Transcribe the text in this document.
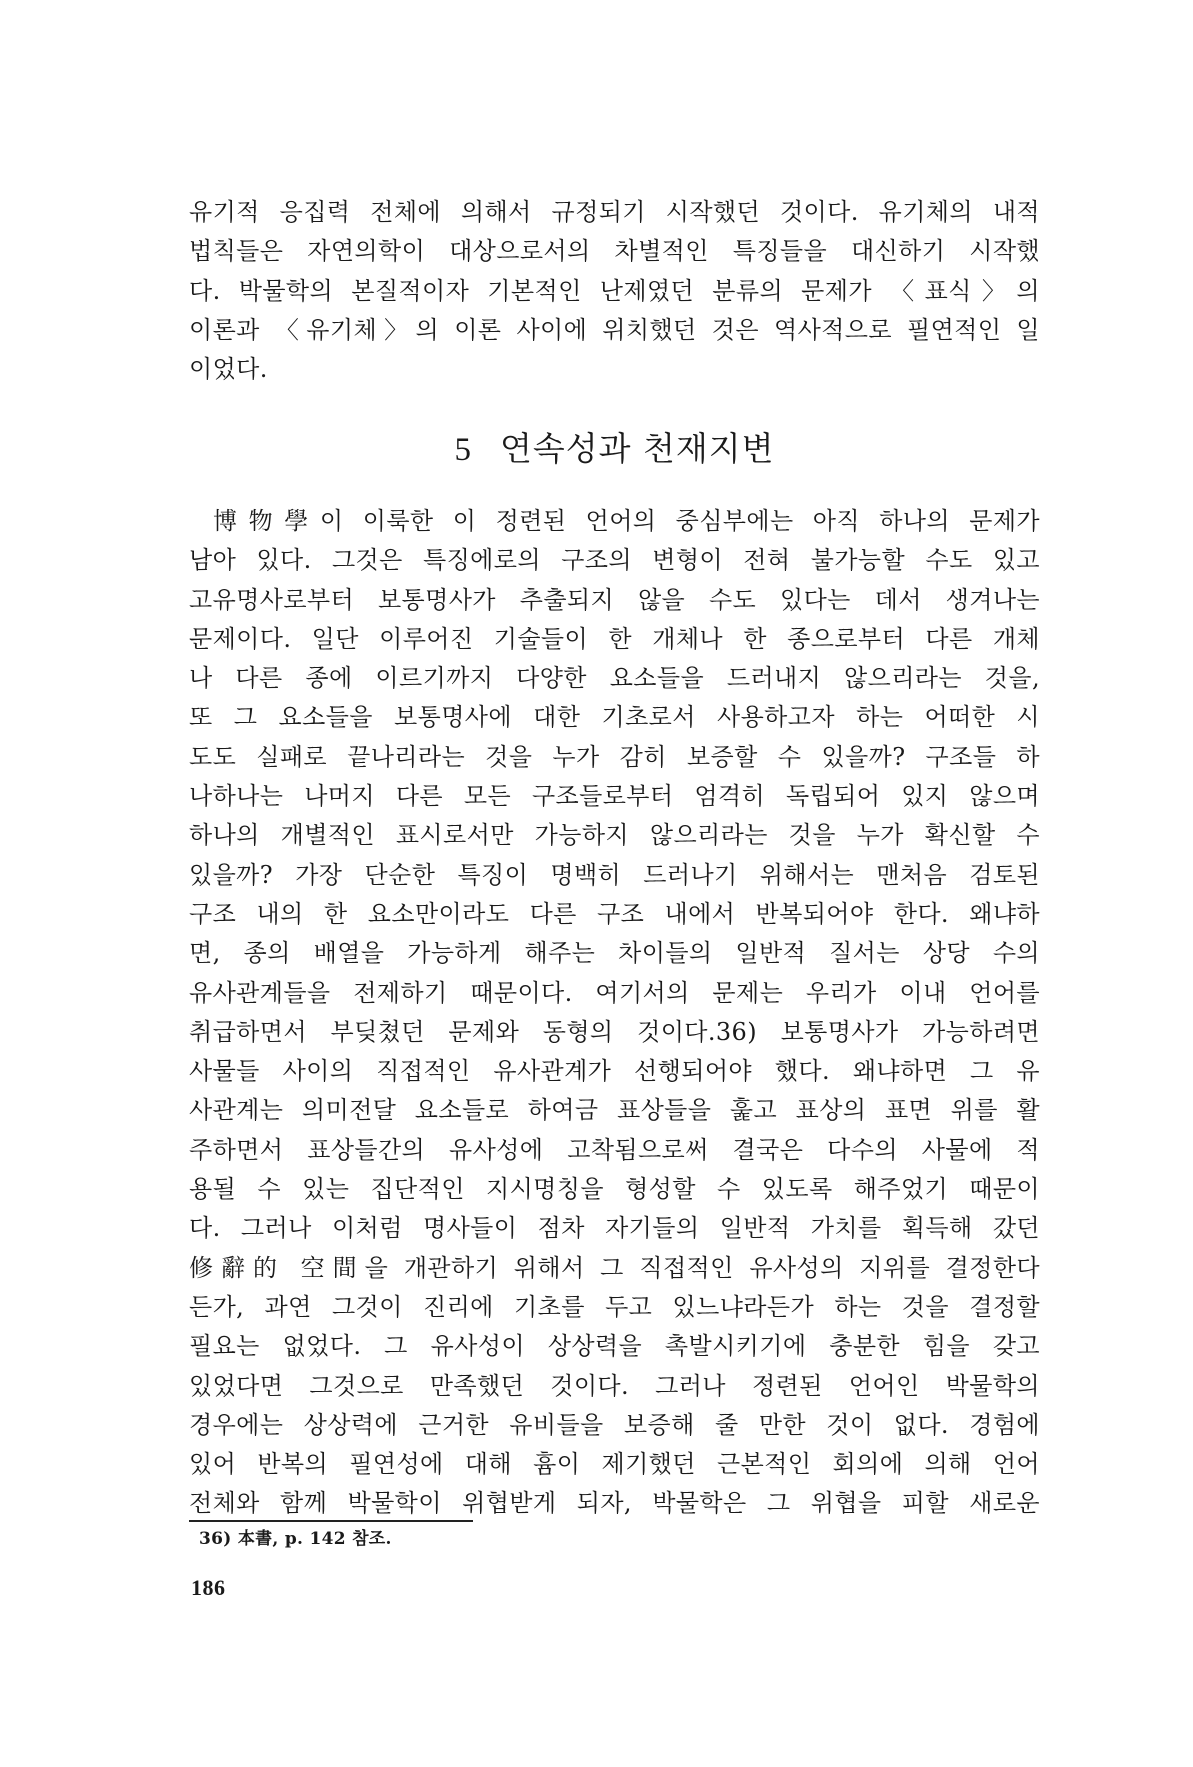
유기적 응집력 전체에 의해서 규정되기 시작했던 것이다. 유기체의 내적
법칙들은 자연의학이 대상으로서의 차별적인 특징들을 대신하기 시작했
다. 박물학의 본질적이자 기본적인 난제였던 분류의 문제가 〈표식〉의
이론과 〈유기체〉의 이론 사이에 위치했던 것은 역사적으로 필연적인 일
이었다.
5 연속성과 천재지변
博物學이 이룩한 이 정련된 언어의 중심부에는 아직 하나의 문제가
남아 있다. 그것은 특징에로의 구조의 변형이 전혀 불가능할 수도 있고
고유명사로부터 보통명사가 추출되지 않을 수도 있다는 데서 생겨나는
문제이다. 일단 이루어진 기술들이 한 개체나 한 종으로부터 다른 개체
나 다른 종에 이르기까지 다양한 요소들을 드러내지 않으리라는 것을,
또 그 요소들을 보통명사에 대한 기초로서 사용하고자 하는 어떠한 시
도도 실패로 끝나리라는 것을 누가 감히 보증할 수 있을까? 구조들 하
나하나는 나머지 다른 모든 구조들로부터 엄격히 독립되어 있지 않으며
하나의 개별적인 표시로서만 가능하지 않으리라는 것을 누가 확신할 수
있을까? 가장 단순한 특징이 명백히 드러나기 위해서는 맨처음 검토된
구조 내의 한 요소만이라도 다른 구조 내에서 반복되어야 한다. 왜냐하
면, 종의 배열을 가능하게 해주는 차이들의 일반적 질서는 상당 수의
유사관계들을 전제하기 때문이다. 여기서의 문제는 우리가 이내 언어를
취급하면서 부딪쳤던 문제와 동형의 것이다.36) 보통명사가 가능하려면
사물들 사이의 직접적인 유사관계가 선행되어야 했다. 왜냐하면 그 유
사관계는 의미전달 요소들로 하여금 표상들을 훑고 표상의 표면 위를 활
주하면서 표상들간의 유사성에 고착됨으로써 결국은 다수의 사물에 적
용될 수 있는 집단적인 지시명칭을 형성할 수 있도록 해주었기 때문이
다. 그러나 이처럼 명사들이 점차 자기들의 일반적 가치를 획득해 갔던
修辭的 空間을 개관하기 위해서 그 직접적인 유사성의 지위를 결정한다
든가, 과연 그것이 진리에 기초를 두고 있느냐라든가 하는 것을 결정할
필요는 없었다. 그 유사성이 상상력을 촉발시키기에 충분한 힘을 갖고
있었다면 그것으로 만족했던 것이다. 그러나 정련된 언어인 박물학의
경우에는 상상력에 근거한 유비들을 보증해 줄 만한 것이 없다. 경험에
있어 반복의 필연성에 대해 흄이 제기했던 근본적인 회의에 의해 언어
전체와 함께 박물학이 위협받게 되자, 박물학은 그 위협을 피할 새로운
36) 本書, p. 142 참조.
186
